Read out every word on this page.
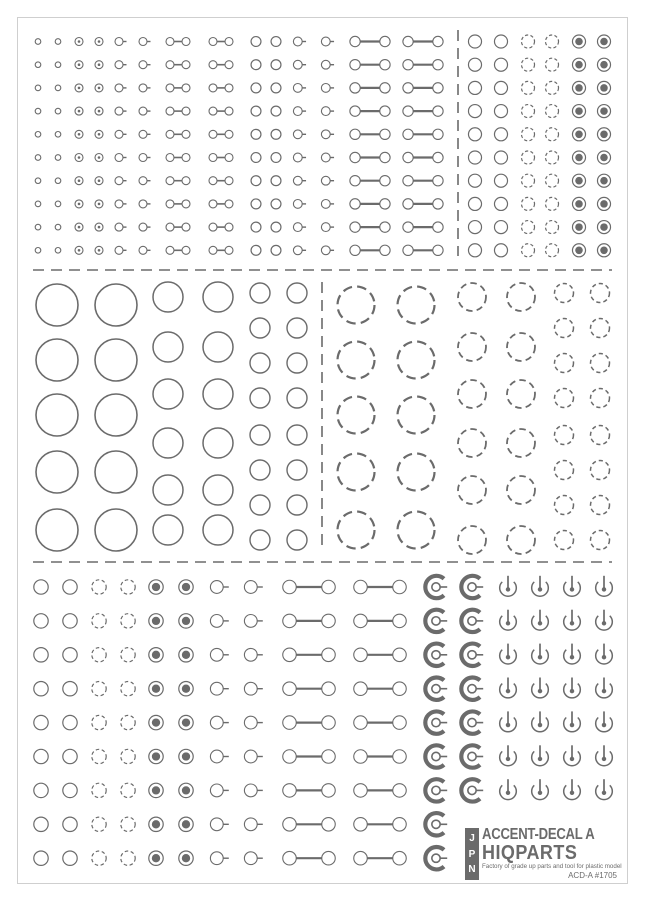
J
P
N
ACCENT-DECAL A
HIQPARTS
Factory of grade up parts and tool for plastic model
ACD-A #1705
